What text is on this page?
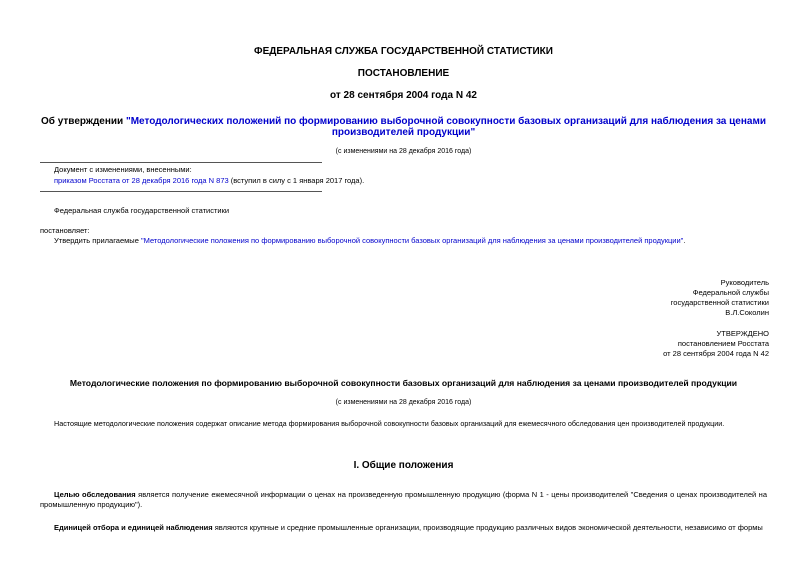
ФЕДЕРАЛЬНАЯ СЛУЖБА ГОСУДАРСТВЕННОЙ СТАТИСТИКИ
ПОСТАНОВЛЕНИЕ
от 28 сентября 2004 года N 42
Об утверждении "Методологических положений по формированию выборочной совокупности базовых организаций для наблюдения за ценами производителей продукции"
(с изменениями на 28 декабря 2016 года)
Документ с изменениями, внесенными:
приказом Росстата от 28 декабря 2016 года N 873 (вступил в силу с 1 января 2017 года).
Федеральная служба государственной статистики
постановляет:
Утвердить прилагаемые "Методологические положения по формированию выборочной совокупности базовых организаций для наблюдения за ценами производителей продукции".
Руководитель
Федеральной службы
государственной статистики
В.Л.Соколин
УТВЕРЖДЕНО
постановлением Росстата
от 28 сентября 2004 года N 42
Методологические положения по формированию выборочной совокупности базовых организаций для наблюдения за ценами производителей продукции
(с изменениями на 28 декабря 2016 года)
Настоящие методологические положения содержат описание метода формирования выборочной совокупности базовых организаций для ежемесячного обследования цен производителей продукции.
I. Общие положения
Целью обследования является получение ежемесячной информации о ценах на произведенную промышленную продукцию (форма N 1 - цены производителей "Сведения о ценах производителей на промышленную продукцию").
Единицей отбора и единицей наблюдения являются крупные и средние промышленные организации, производящие продукцию различных видов экономической деятельности, независимо от формы
